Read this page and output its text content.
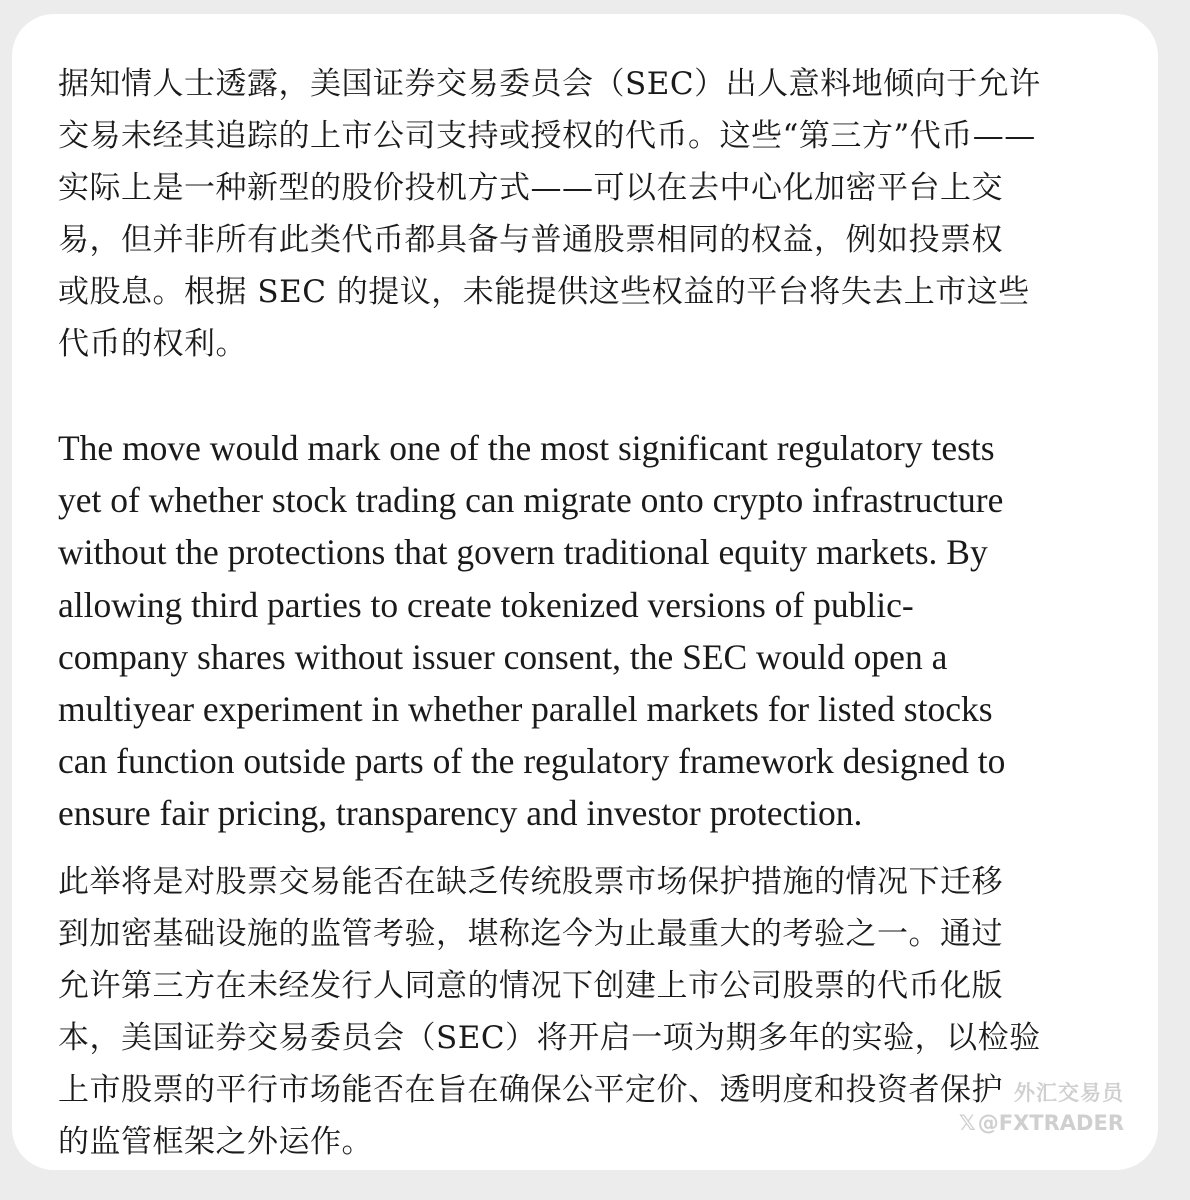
据知情人士透露，美国证券交易委员会（SEC）出人意料地倾向于允许
交易未经其追踪的上市公司支持或授权的代币。这些“第三方”代币——
实际上是一种新型的股价投机方式——可以在去中心化加密平台上交
易，但并非所有此类代币都具备与普通股票相同的权益，例如投票权
或股息。根据 SEC 的提议，未能提供这些权益的平台将失去上市这些
代币的权利。

The move would mark one of the most significant regulatory tests
yet of whether stock trading can migrate onto crypto infrastructure
without the protections that govern traditional equity markets. By
allowing third parties to create tokenized versions of public-
company shares without issuer consent, the SEC would open a
multiyear experiment in whether parallel markets for listed stocks
can function outside parts of the regulatory framework designed to
ensure fair pricing, transparency and investor protection.

此举将是对股票交易能否在缺乏传统股票市场保护措施的情况下迁移
到加密基础设施的监管考验，堪称迄今为止最重大的考验之一。通过
允许第三方在未经发行人同意的情况下创建上市公司股票的代币化版
本，美国证券交易委员会（SEC）将开启一项为期多年的实验，以检验
上市股票的平行市场能否在旨在确保公平定价、透明度和投资者保护
的监管框架之外运作。

外汇交易员
𝕏@FXTRADER
